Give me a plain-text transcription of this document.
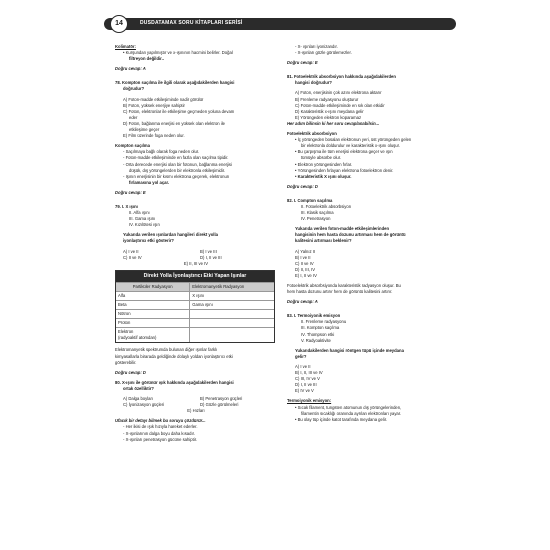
14	DUSDATAMAX SORU KİTAPLARI SERİSİ
Kolimatör:
• Kurşundan yapılmıştır ve x-ışınının hacmini belirler. Doğal
filtreyon değildir..
Doğru cevap: A
78. Kompton saçılma ile ilgili olarak aşağıdakilerden hangisi
doğrudur?
A) Foton-madde etkileşiminde nadir görülür
B) Foton, yüksek enerjiye sahiptir
C) Foton, elektronlar ile etkileşime geçmeden yoluna devam
eder
D) Foton, bağlanma enerjisi en yüksek olan elektron ile
etkileşime geçer
E) Film üzerinde foga neden olur.
Kompton saçılma
- Saçılmaya bağlı olarak foga neden olur.
- Foton-madde etkileşiminde en fazla olan saçılma tipidir.
- Orta derecede enerjisi olan bir fotonun, bağlanma enerjisi
düşük, dış yörüngelerden bir elektronla etkileşimidir.
- Işının enerjisinin bir kısmı elektrona geçerek, elektronun
fırlamasına yol açar.
Doğru cevap: E
79. I. X ışını
II. Alfa ışını
III. Gama ışını
IV. Kızılötesi ışın
Yukarıda verilen ışınlardan hangileri direkt yolla
iyonlaştırıcı etki gösterir?
A) I ve II	B) I ve III
C) II ve IV	D) I, II ve III
E) II, III ve IV
Direkt Yolla İyonlaştırıcı Etki Yapan Işınlar
Partiküler Radyasyon	Elektromanyetik Radyasyon
Alfa	X ışını
Beta	Gama ışını
Nötron
Proton
Elektron
(radyoaktif atomdan)
Elektromanyetik spektrumda bulunan diğer ışınlar farklı
kimyasallarla birarada geldiğinde dolaylı yoldan iyonlaştırıcı etki
gösterebilir.
Doğru cevap: D
80. X-ışını ile görünür ışık hakkında aşağıdakilerden hangisi
ortak özelliktir?
A) Dalga boyları	B) Penetrasyon güçleri
C) İyonizasyon güçleri	D) Gözle görülmeleri
E) Hızları
Ufacık bir detayı bilmek bu soruyu çözdürür...
- Her ikisi de ışık hızıyla hareket ederler.
- X-ışınlarının dalga boyu daha kısadır.
- X-ışınları penetrasyon gücüne sahiptir.
- X- ışınları iyonizandır.
- X-ışınları gözle görülemezler.
Doğru cevap: E
81. Fotoelektrik absorbsiyon hakkında aşağıdakilerden
hangisi doğrudur?
A) Foton, enerjisinin çok azını elektrona aktarır
B) Frenleme radyasyonu oluşturur
C) Foton-madde etkileşiminde en sık olan etkidir
D) Karakteristik x-ışını meydana gelir
E) Yörüngeden elektron koparamaz
Her adım bilinsin ki her soru cevaplanabilsin...
Fotoelektrik absorbsiyon
• İç yörüngeden bosalan elektronun yeri, üst yörüngeden gelen
bir elektronla doldurulur ve karakteristik x-ışını oluşur.
• Bu çarpışma ile tüm enerjisi elektrona geçer ve ışın
tümüyle absorbe olur.
• Elektron yörüngesinden fırlar.
• Yörüngesinden fırlayan elektrona fotoelektron denir.
• Karakteristik X ışını oluşur.
Doğru cevap: D
82. I. Compton saçılma
II. Fotoelektrik absorbsiyon
III. Klasik saçılma
IV. Penetrasyon
Yukarıda verilen foton-madde etkileşimlerinden
hangisinin hem hasta dozunu artırması hem de görüntü
kalitesini artırması beklenir?
A) Yalnız II
B) I ve II
C) II ve IV
D) II, III, IV
E) I, II ve IV
Fotoelektrik absorbsiyonda karakteristik radyasyon oluşur. Bu
hem hasta dozunu artırır hem de görüntü kalitesini artırır.
Doğru cevap: A
83. I. Termoiyonik emisyon
II. Frenleme radyasyonu
III. Kompton saçılma
IV. Thompson etki
V. Radyoaktivite
Yukarıdakilerden hangisi röntgen tüpü içinde meydana
gelir?
A) I ve II
B) I, II, III ve IV
C) III, IV ve V
D) I, II ve III
E) IV ve V
Termoiyonik emisyon:
• Sıcak filament, tungsten atomunun dış yörüngelerinden,
filamentin sıcaklığı oranında ayrılan elektronları yayar.
• Bu olay tüp içinde katot tarafında meydana gelir.
